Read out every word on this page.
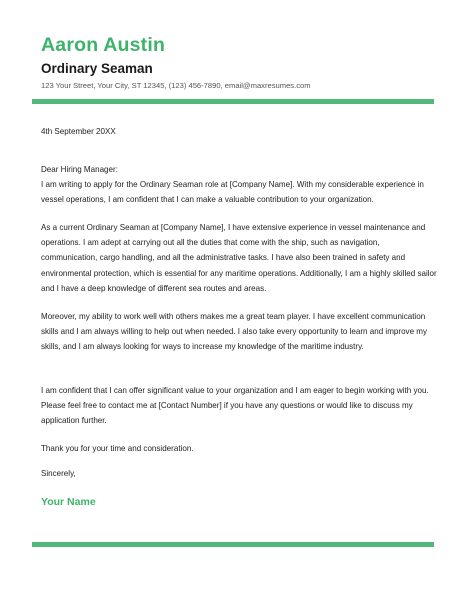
Aaron Austin
Ordinary Seaman
123 Your Street, Your City, ST 12345, (123) 456-7890, email@maxresumes.com

4th September 20XX

Dear Hiring Manager:

I am writing to apply for the Ordinary Seaman role at [Company Name]. With my considerable experience in vessel operations, I am confident that I can make a valuable contribution to your organization.

As a current Ordinary Seaman at [Company Name], I have extensive experience in vessel maintenance and operations. I am adept at carrying out all the duties that come with the ship, such as navigation, communication, cargo handling, and all the administrative tasks. I have also been trained in safety and environmental protection, which is essential for any maritime operations. Additionally, I am a highly skilled sailor and I have a deep knowledge of different sea routes and areas.

Moreover, my ability to work well with others makes me a great team player. I have excellent communication skills and I am always willing to help out when needed. I also take every opportunity to learn and improve my skills, and I am always looking for ways to increase my knowledge of the maritime industry.

I am confident that I can offer significant value to your organization and I am eager to begin working with you. Please feel free to contact me at [Contact Number] if you have any questions or would like to discuss my application further.

Thank you for your time and consideration.

Sincerely,

Your Name
